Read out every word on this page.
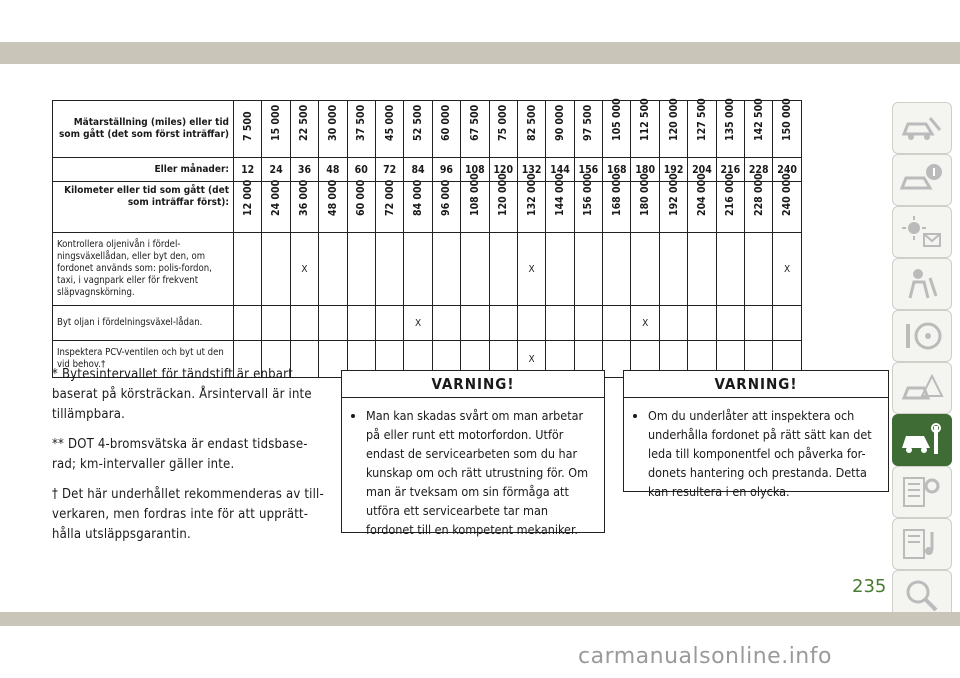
Mätarställning (miles) eller tid som gått (det som först inträffar)	7 500	15 000	22 500	30 000	37 500	45 000	52 500	60 000	67 500	75 000	82 500	90 000	97 500	105 000	112 500	120 000	127 500	135 000	142 500	150 000

Eller månader:	12	24	36	48	60	72	84	96	108	120	132	144	156	168	180	192	204	216	228	240
Kilometer eller tid som gått (det som inträffar först):	12 000	24 000	36 000	48 000	60 000	72 000	84 000	96 000	108 000	120 000	132 000	144 000	156 000	168 000	180 000	192 000	204 000	216 000	228 000	240 000

Kontrollera oljenivån i fördel-ningsväxellådan, eller byt den, om fordonet används som: polis-fordon, taxi, i vagnpark eller för frekvent släpvagnskörning.			X								X									X
Byt oljan i fördelningsväxel-lådan.							X								X					
Inspektera PCV-ventilen och byt ut den vid behov.†											X									

* Bytesintervallet för tändstift är enbart baserat på körsträckan. Årsintervall är inte tillämpbara.

** DOT 4-bromsvätska är endast tidsbase-rad; km-intervaller gäller inte.

† Det här underhållet rekommenderas av till-verkaren, men fordras inte för att upprätt-hålla utsläppsgarantin.

VARNING!
• Man kan skadas svårt om man arbetar på eller runt ett motorfordon. Utför endast de servicearbeten som du har kunskap om och rätt utrustning för. Om man är tveksam om sin förmåga att utföra ett servicearbete tar man fordonet till en kompetent mekaniker.
VARNING!
• Om du underlåter att inspektera och underhålla fordonet på rätt sätt kan det leda till komponentfel och påverka for-donets hantering och prestanda. Detta kan resultera i en olycka.
235
carmanualsonline.info
